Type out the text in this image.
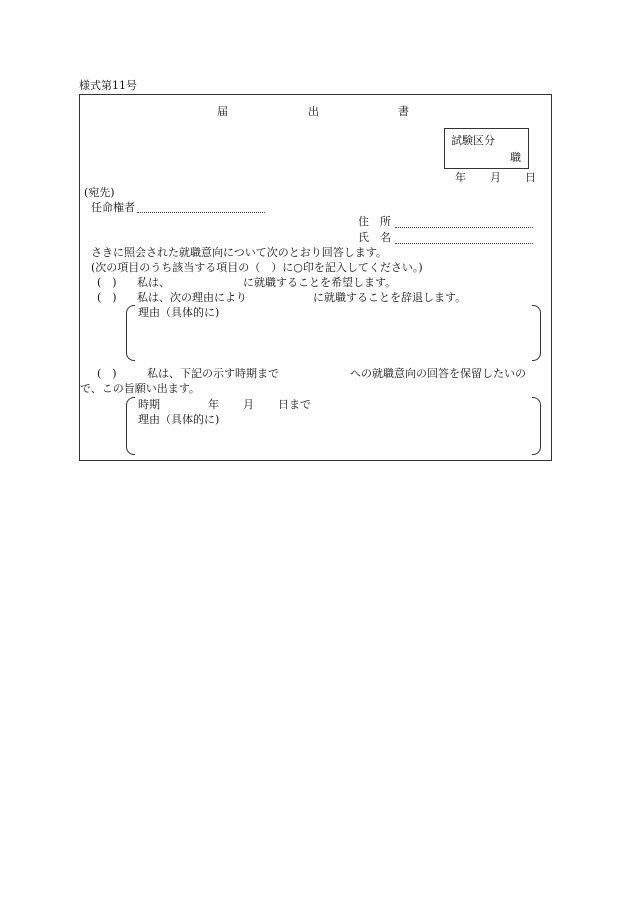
様式第11号
届	出	書
試験区分
職
年 月 日
(宛先)
任命権者
住　所
氏　名
さきに照会された就職意向について次のとおり回答します。
(次の項目のうち該当する項目の（　）に○印を記入してください。)
(　) 私は、	に就職することを希望します。
(　) 私は、次の理由により	に就職することを辞退します。
理由（具体的に)
(　)	私は、下記の示す時期まで	への就職意向の回答を保留したいの
で、この旨願い出ます。
時期	年 月 日まで
理由（具体的に)
